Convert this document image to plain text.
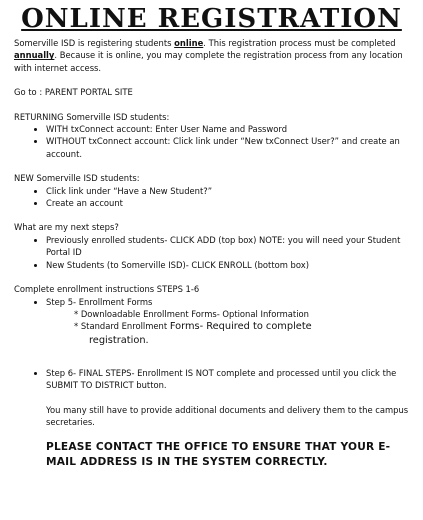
ONLINE REGISTRATION

Somerville ISD is registering students online. This registration process must be completed annually. Because it is online, you may complete the registration process from any location with internet access.

Go to : PARENT PORTAL SITE

RETURNING Somerville ISD students:

• WITH txConnect account: Enter User Name and Password
• WITHOUT txConnect account: Click link under “New txConnect User?” and create an account.

NEW Somerville ISD students:

• Click link under “Have a New Student?”
• Create an account

What are my next steps?

• Previously enrolled students- CLICK ADD (top box) NOTE: you will need your Student Portal ID
• New Students (to Somerville ISD)- CLICK ENROLL (bottom box)

Complete enrollment instructions STEPS 1-6

• Step 5- Enrollment Forms
* Downloadable Enrollment Forms- Optional Information
* Standard Enrollment Forms- Required to complete
registration.
• Step 6- FINAL STEPS- Enrollment IS NOT complete and processed until you click the SUBMIT TO DISTRICT button.

You many still have to provide additional documents and delivery them to the campus secretaries.

PLEASE CONTACT THE OFFICE TO ENSURE THAT YOUR E-MAIL ADDRESS IS IN THE SYSTEM CORRECTLY.
